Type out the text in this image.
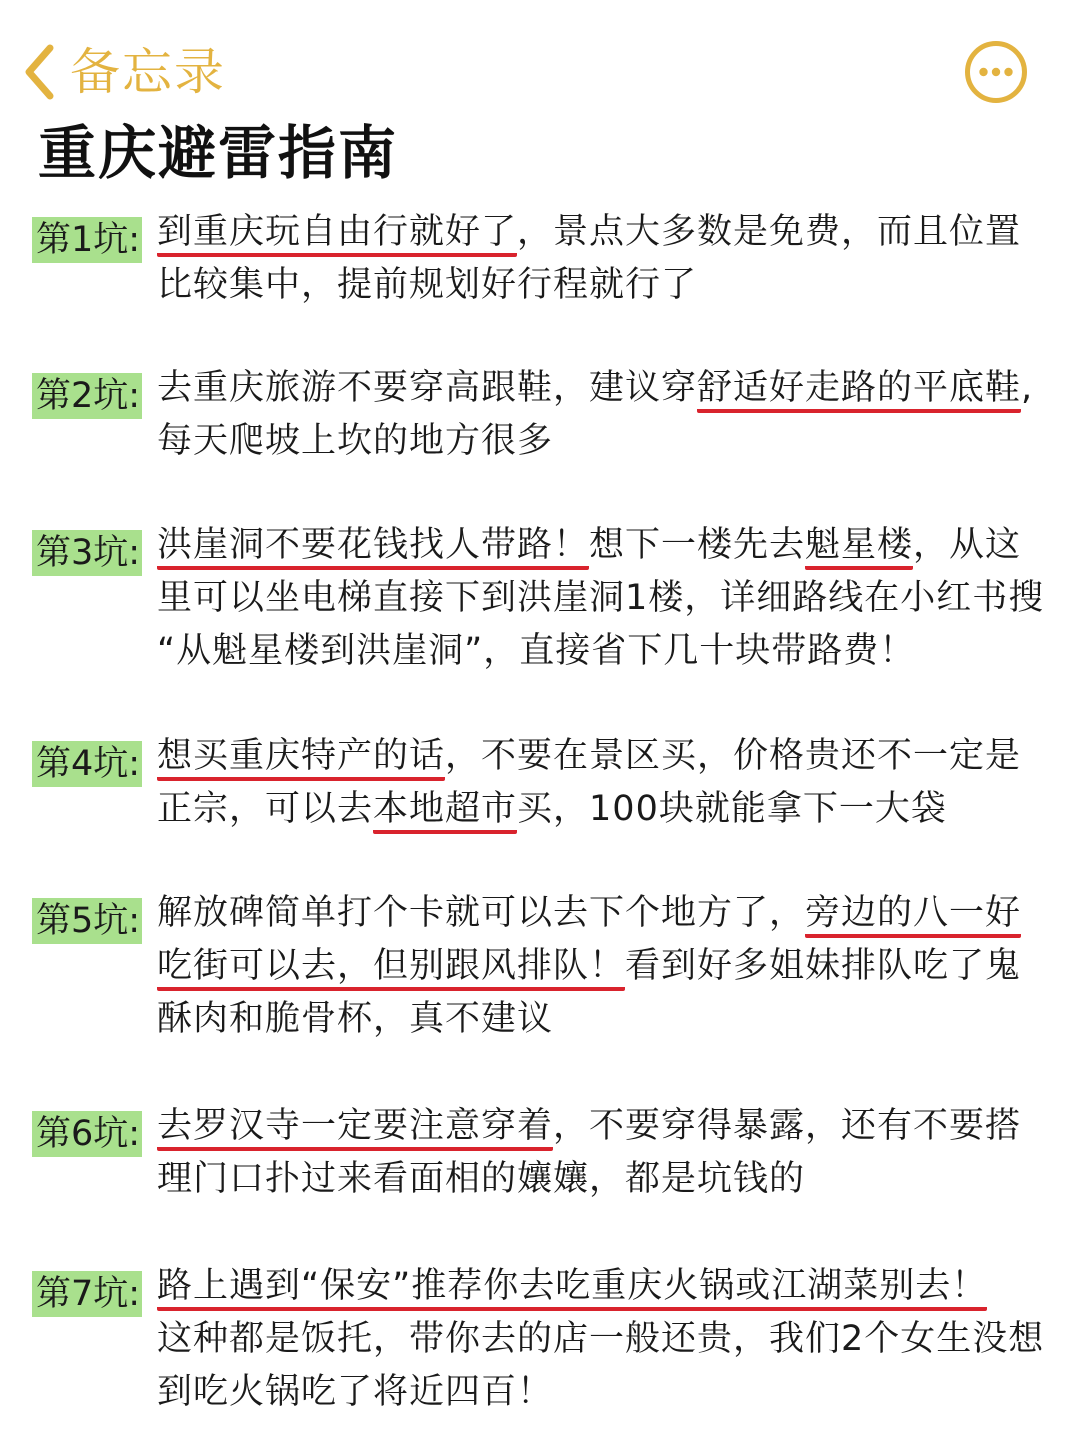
备忘录
重庆避雷指南
第1坑: 到重庆玩自由行就好了，景点大多数是免费，而且位置
比较集中，提前规划好行程就行了
第2坑: 去重庆旅游不要穿高跟鞋，建议穿舒适好走路的平底鞋,
每天爬坡上坎的地方很多
第3坑: 洪崖洞不要花钱找人带路！想下一楼先去魁星楼，从这
里可以坐电梯直接下到洪崖洞1楼，详细路线在小红书搜
“从魁星楼到洪崖洞”，直接省下几十块带路费！
第4坑: 想买重庆特产的话，不要在景区买，价格贵还不一定是
正宗，可以去本地超市买，100块就能拿下一大袋
第5坑: 解放碑简单打个卡就可以去下个地方了，旁边的八一好
吃街可以去，但别跟风排队！看到好多姐妹排队吃了鬼
酥肉和脆骨杯，真不建议
第6坑: 去罗汉寺一定要注意穿着，不要穿得暴露，还有不要搭
理门口扑过来看面相的孃孃，都是坑钱的
第7坑: 路上遇到“保安”推荐你去吃重庆火锅或江湖菜别去！
这种都是饭托，带你去的店一般还贵，我们2个女生没想
到吃火锅吃了将近四百！
